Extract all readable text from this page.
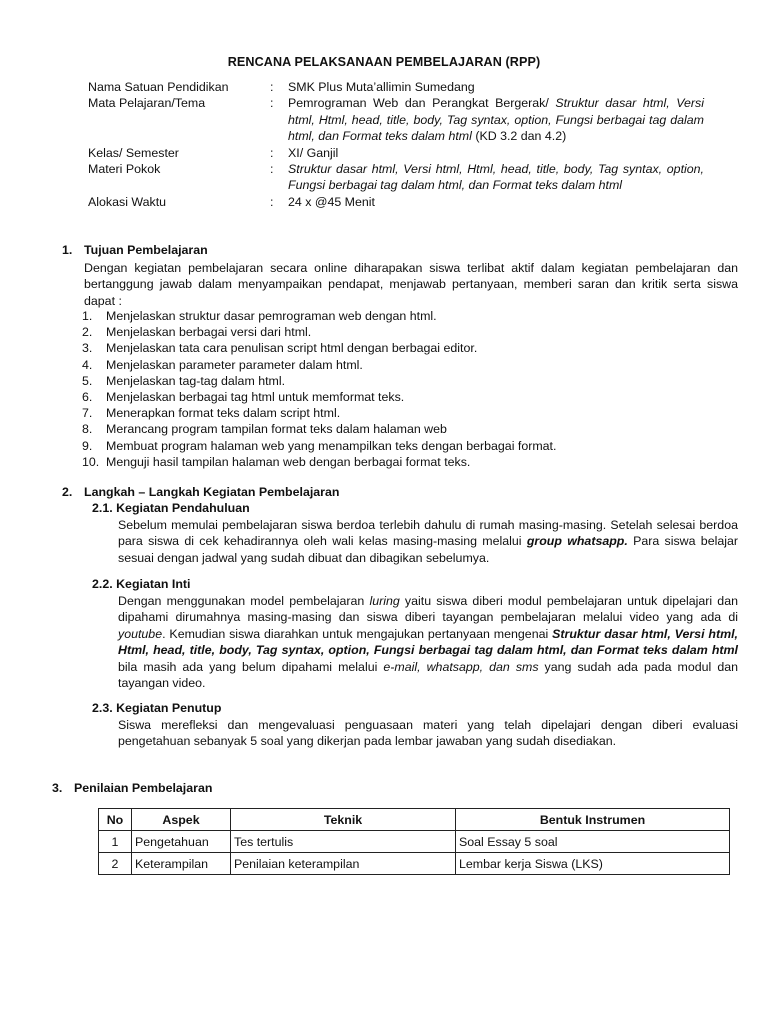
RENCANA PELAKSANAAN PEMBELAJARAN (RPP)
Nama Satuan Pendidikan	:	SMK Plus Muta’allimin Sumedang
Mata Pelajaran/Tema	:	Pemrograman Web dan Perangkat Bergerak/ Struktur dasar html, Versi html, Html, head, title, body, Tag syntax, option, Fungsi berbagai tag dalam html, dan Format teks dalam html (KD 3.2 dan 4.2)
Kelas/ Semester	:	XI/ Ganjil
Materi Pokok	:	Struktur dasar html, Versi html, Html, head, title, body, Tag syntax, option, Fungsi berbagai tag dalam html, dan Format teks dalam html
Alokasi Waktu	:	24 x @45 Menit
1. Tujuan Pembelajaran
Dengan kegiatan pembelajaran secara online diharapakan siswa terlibat aktif dalam kegiatan pembelajaran dan bertanggung jawab dalam menyampaikan pendapat, menjawab pertanyaan, memberi saran dan kritik serta siswa dapat :
1.	Menjelaskan struktur dasar pemrograman web dengan html.
2.	Menjelaskan berbagai versi dari html.
3.	Menjelaskan tata cara penulisan script html dengan berbagai editor.
4.	Menjelaskan parameter parameter dalam html.
5.	Menjelaskan tag-tag dalam html.
6.	Menjelaskan berbagai tag html untuk memformat teks.
7.	Menerapkan format teks dalam script html.
8.	Merancang program tampilan format teks dalam halaman web
9.	Membuat program halaman web yang menampilkan teks dengan berbagai format.
10. Menguji hasil tampilan halaman web dengan berbagai format teks.
2. Langkah – Langkah Kegiatan Pembelajaran
2.1. Kegiatan Pendahuluan
Sebelum memulai pembelajaran siswa berdoa terlebih dahulu di rumah masing-masing. Setelah selesai berdoa para siswa di cek kehadirannya oleh wali kelas masing-masing melalui group whatsapp. Para siswa belajar sesuai dengan jadwal yang sudah dibuat dan dibagikan sebelumya.
2.2. Kegiatan Inti
Dengan menggunakan model pembelajaran luring yaitu siswa diberi modul pembelajaran untuk dipelajari dan dipahami dirumahnya masing-masing dan siswa diberi tayangan pembelajaran melalui video yang ada di youtube. Kemudian siswa diarahkan untuk mengajukan pertanyaan mengenai Struktur dasar html, Versi html, Html, head, title, body, Tag syntax, option, Fungsi berbagai tag dalam html, dan Format teks dalam html bila masih ada yang belum dipahami melalui e-mail, whatsapp, dan sms yang sudah ada pada modul dan tayangan video.
2.3. Kegiatan Penutup
Siswa merefleksi dan mengevaluasi penguasaan materi yang telah dipelajari dengan diberi evaluasi pengetahuan sebanyak 5 soal yang dikerjan pada lembar jawaban yang sudah disediakan.
3. Penilaian Pembelajaran
No	Aspek	Teknik	Bentuk Instrumen
1	Pengetahuan	Tes tertulis	Soal Essay 5 soal
2	Keterampilan	Penilaian keterampilan	Lembar kerja Siswa (LKS)
